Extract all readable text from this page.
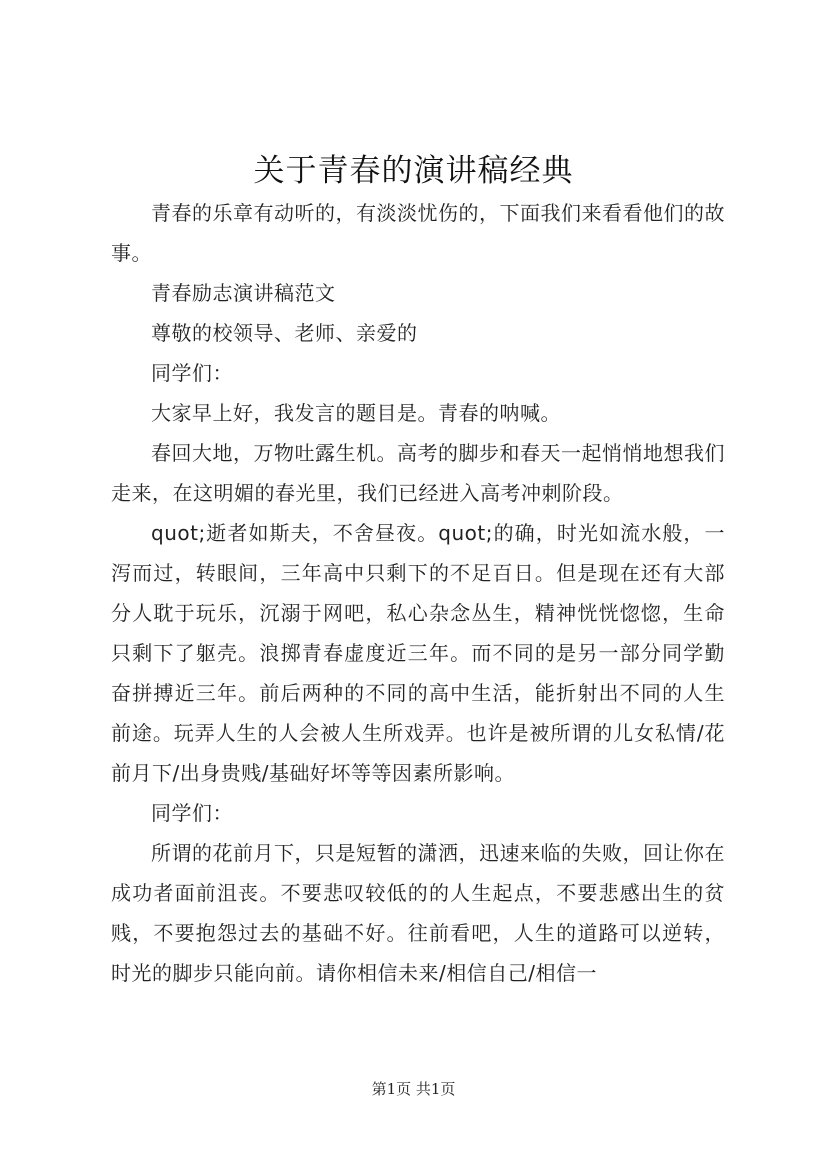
关于青春的演讲稿经典

青春的乐章有动听的，有淡淡忧伤的，下面我们来看看他们的故事。

青春励志演讲稿范文

尊敬的校领导、老师、亲爱的

同学们：

大家早上好，我发言的题目是。青春的呐喊。

春回大地，万物吐露生机。高考的脚步和春天一起悄悄地想我们走来，在这明媚的春光里，我们已经进入高考冲刺阶段。

quot;逝者如斯夫，不舍昼夜。quot;的确，时光如流水般，一泻而过，转眼间，三年高中只剩下的不足百日。但是现在还有大部分人耽于玩乐，沉溺于网吧，私心杂念丛生，精神恍恍惚惚，生命只剩下了躯壳。浪掷青春虚度近三年。而不同的是另一部分同学勤奋拼搏近三年。前后两种的不同的高中生活，能折射出不同的人生前途。玩弄人生的人会被人生所戏弄。也许是被所谓的儿女私情/花前月下/出身贵贱/基础好坏等等因素所影响。

同学们：

所谓的花前月下，只是短暂的潇洒，迅速来临的失败，回让你在成功者面前沮丧。不要悲叹较低的的人生起点，不要悲感出生的贫贱，不要抱怨过去的基础不好。往前看吧，人生的道路可以逆转，时光的脚步只能向前。请你相信未来/相信自己/相信一

第1页 共1页
